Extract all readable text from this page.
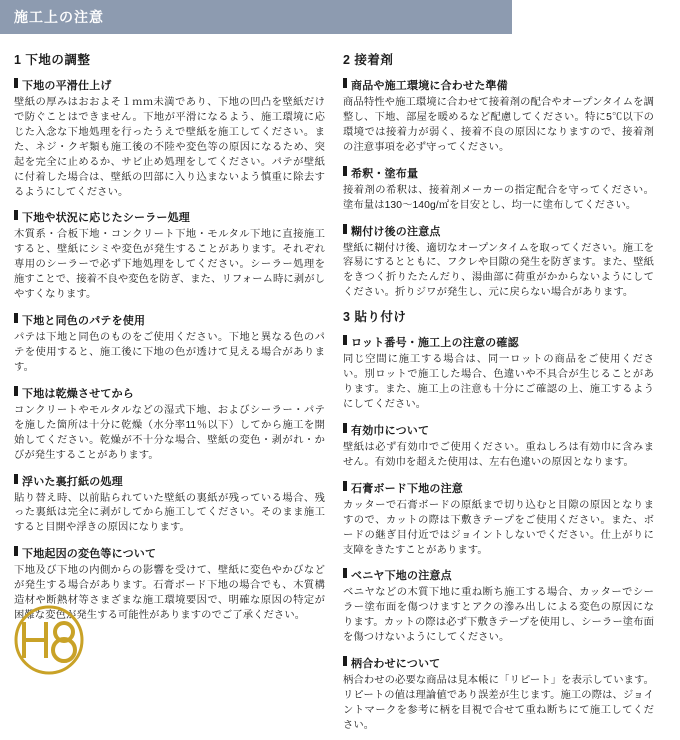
施工上の注意
1 下地の調整
下地の平滑仕上げ

壁紙の厚みはおおよそ１ｍｍ未満であり、下地の凹凸を壁紙だけで防ぐことはできません。下地が平滑になるよう、施工環境に応じた入念な下地処理を行ったうえで壁紙を施工してください。また、ネジ・クギ類も施工後の不陸や変色等の原因になるため、突起を完全に止めるか、サビ止め処理をしてください。パテが壁紙に付着した場合は、壁紙の凹部に入り込まないよう慎重に除去するようにしてください。

下地や状況に応じたシーラー処理

木質系・合板下地・コンクリート下地・モルタル下地に直接施工すると、壁紙にシミや変色が発生することがあります。それぞれ専用のシーラーで必ず下地処理をしてください。シーラー処理を施すことで、接着不良や変色を防ぎ、また、リフォーム時に剥がしやすくなります。

下地と同色のパテを使用

パテは下地と同色のものをご使用ください。下地と異なる色のパテを使用すると、施工後に下地の色が透けて見える場合があります。

下地は乾燥させてから

コンクリートやモルタルなどの湿式下地、およびシーラー・パテを施した箇所は十分に乾燥（水分率11％以下）してから施工を開始してください。乾燥が不十分な場合、壁紙の変色・剥がれ・かびが発生することがあります。

浮いた裏打紙の処理

貼り替え時、以前貼られていた壁紙の裏紙が残っている場合、残った裏紙は完全に剥がしてから施工してください。そのまま施工すると目開や浮きの原因になります。

下地起因の変色等について

下地及び下地の内側からの影響を受けて、壁紙に変色やかびなどが発生する場合があります。石膏ボード下地の場合でも、木質構造材や断熱材等さまざまな施工環境要因で、明確な原因の特定が困難な変色が発生する可能性がありますのでご了承ください。

2 接着剤
商品や施工環境に合わせた準備

商品特性や施工環境に合わせて接着剤の配合やオープンタイムを調整し、下地、部屋を暖めるなど配慮してください。特に5℃以下の環境では接着力が弱く、接着不良の原因になりますので、接着剤の注意事項を必ず守ってください。

希釈・塗布量

接着剤の希釈は、接着剤メーカーの指定配合を守ってください。 塗布量は130〜140g/㎡を目安とし、均一に塗布してください。

糊付け後の注意点

壁紙に糊付け後、適切なオープンタイムを取ってください。施工を容易にするとともに、フクレや目隙の発生を防ぎます。また、壁紙をきつく折りたたんだり、湯曲部に荷重がかからないようにしてください。折りジワが発生し、元に戻らない場合があります。

3 貼り付け
ロット番号・施工上の注意の確認

同じ空間に施工する場合は、同一ロットの商品をご使用ください。別ロットで施工した場合、色違いや不具合が生じることがあります。また、施工上の注意も十分にご確認の上、施工するようにしてください。

有効巾について

壁紙は必ず有効巾でご使用ください。重ねしろは有効巾に含みません。有効巾を超えた使用は、左右色違いの原因となります。

石膏ボード下地の注意

カッターで石膏ボードの原紙まで切り込むと目隙の原因となりますので、カットの際は下敷きテープをご使用ください。また、ボードの継ぎ目付近ではジョイントしないでください。仕上がりに支障をきたすことがあります。

ベニヤ下地の注意点

ベニヤなどの木質下地に重ね断ち施工する場合、カッターでシーラー塗布面を傷つけますとアクの滲み出しによる変色の原因になります。カットの際は必ず下敷きテープを使用し、シーラー塗布面を傷つけないようにしてください。

柄合わせについて

柄合わせの必要な商品は見本帳に「リピート」を表示しています。 リピートの値は理論値であり誤差が生じます。施工の際は、ジョイントマークを参考に柄を目視で合せて重ね断ちにて施工してください。
